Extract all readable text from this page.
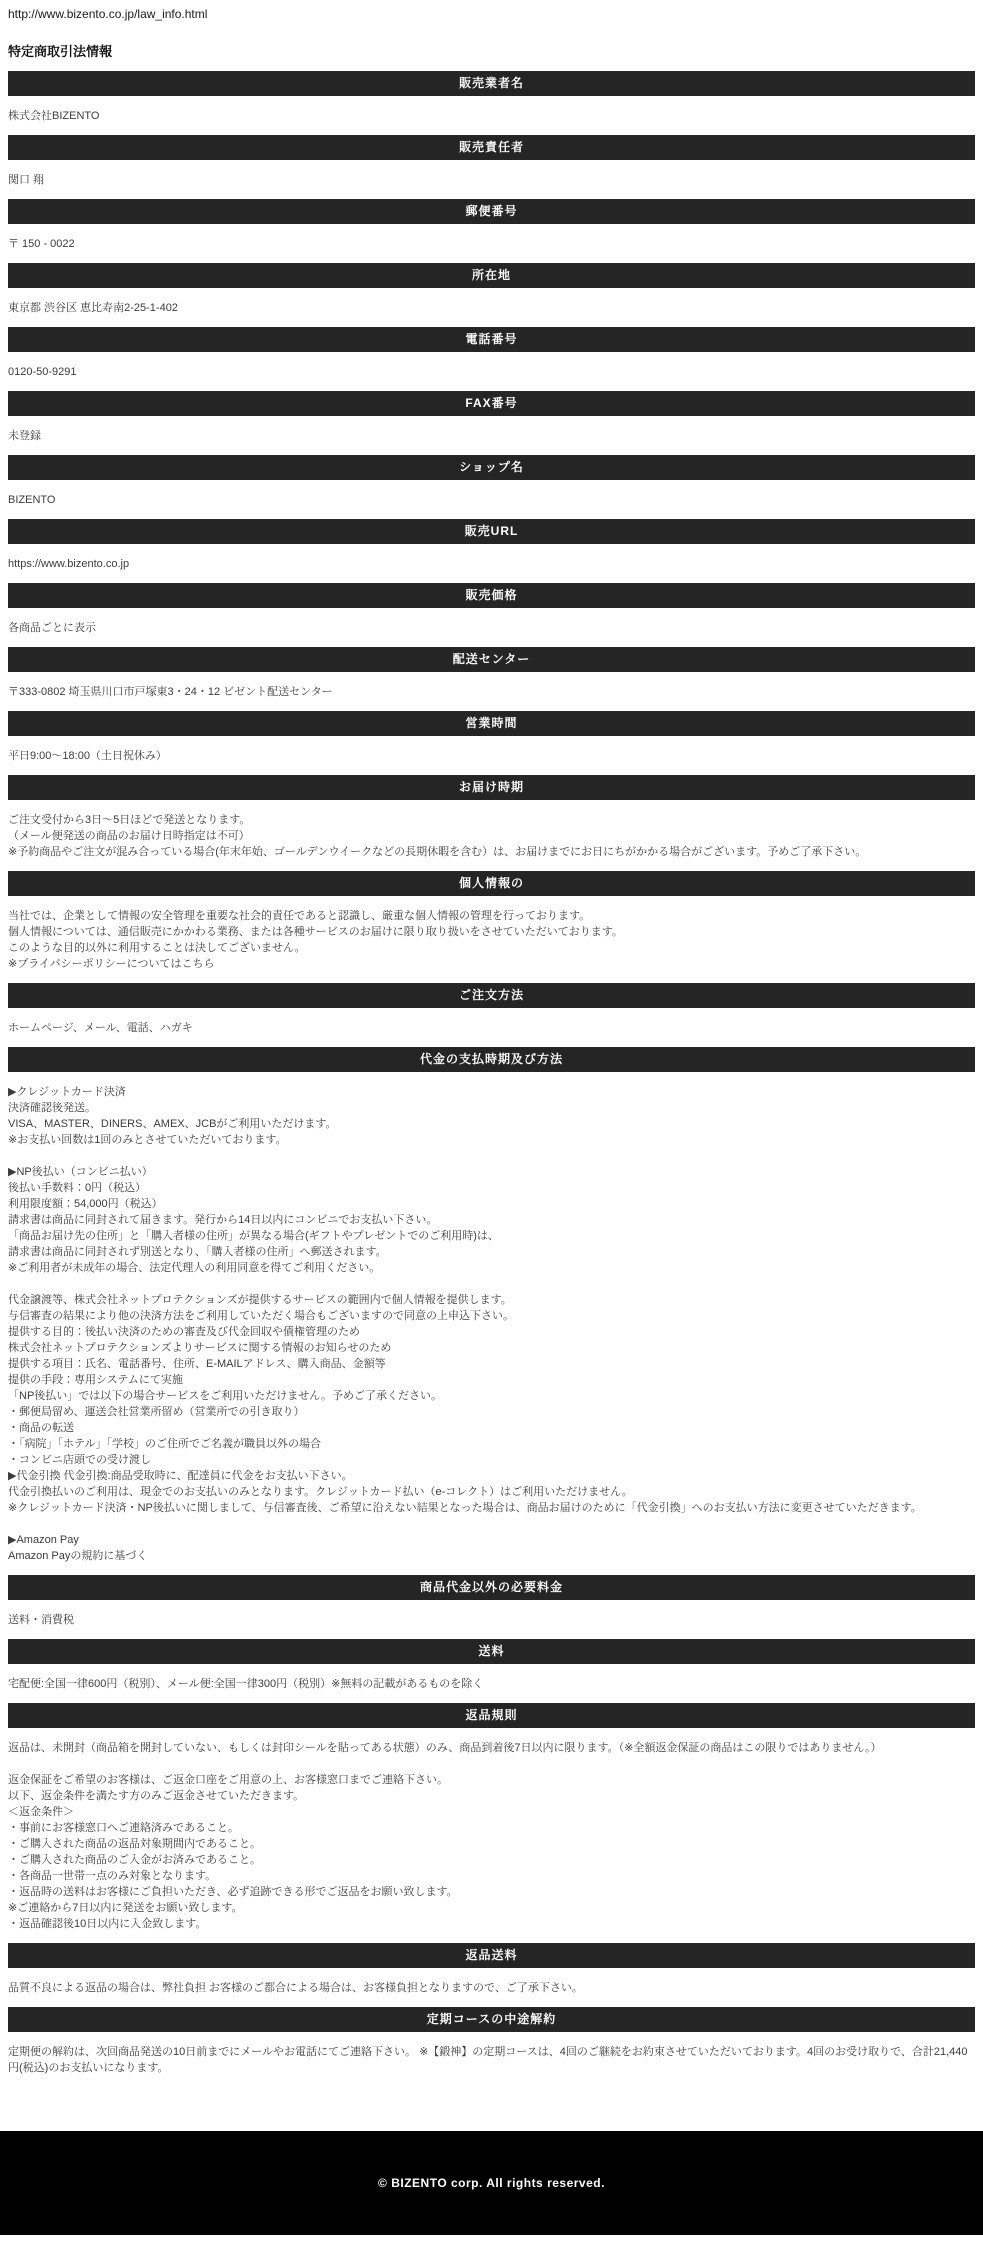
http://www.bizento.co.jp/law_info.html
特定商取引法情報
販売業者名
株式会社BIZENTO
販売責任者
関口 翔
郵便番号
〒 150 - 0022
所在地
東京都 渋谷区 恵比寿南2-25-1-402
電話番号
0120-50-9291
FAX番号
未登録
ショップ名
BIZENTO
販売URL
https://www.bizento.co.jp
販売価格
各商品ごとに表示
配送センター
〒333-0802 埼玉県川口市戸塚東3・24・12 ビゼント配送センター
営業時間
平日9:00〜18:00（土日祝休み）
お届け時期
ご注文受付から3日〜5日ほどで発送となります。
（メール便発送の商品のお届け日時指定は不可）
※予約商品やご注文が混み合っている場合(年末年始、ゴールデンウイークなどの長期休暇を含む）は、お届けまでにお日にちがかかる場合がございます。予めご了承下さい。
個人情報の
当社では、企業として情報の安全管理を重要な社会的責任であると認識し、厳重な個人情報の管理を行っております。
個人情報については、通信販売にかかわる業務、または各種サービスのお届けに限り取り扱いをさせていただいております。
このような目的以外に利用することは決してございません。
※プライバシーポリシーについてはこちら
ご注文方法
ホームページ、メール、電話、ハガキ
代金の支払時期及び方法
▶クレジットカード決済
決済確認後発送。
VISA、MASTER、DINERS、AMEX、JCBがご利用いただけます。
※お支払い回数は1回のみとさせていただいております。
▶NP後払い（コンビニ払い）
後払い手数料：0円（税込）
利用限度額：54,000円（税込）
請求書は商品に同封されて届きます。発行から14日以内にコンビニでお支払い下さい。
「商品お届け先の住所」と「購入者様の住所」が異なる場合(ギフトやプレゼントでのご利用時)は、
請求書は商品に同封されず別送となり、「購入者様の住所」へ郵送されます。
※ご利用者が未成年の場合、法定代理人の利用同意を得てご利用ください。
代金譲渡等、株式会社ネットプロテクションズが提供するサービスの範囲内で個人情報を提供します。
与信審査の結果により他の決済方法をご利用していただく場合もございますので同意の上申込下さい。
提供する目的：後払い決済のための審査及び代金回収や債権管理のため
株式会社ネットプロテクションズよりサービスに関する情報のお知らせのため
提供する項目：氏名、電話番号、住所、E-MAILアドレス、購入商品、金額等
提供の手段：専用システムにて実施
「NP後払い」では以下の場合サービスをご利用いただけません。予めご了承ください。
・郵便局留め、運送会社営業所留め（営業所での引き取り）
・商品の転送
・「病院」「ホテル」「学校」のご住所でご名義が職員以外の場合
・コンビニ店頭での受け渡し
▶代金引換 代金引換:商品受取時に、配達員に代金をお支払い下さい。
代金引換払いのご利用は、現金でのお支払いのみとなります。クレジットカード払い（e-コレクト）はご利用いただけません。
※クレジットカード決済・NP後払いに関しまして、与信審査後、ご希望に沿えない結果となった場合は、商品お届けのために「代金引換」へのお支払い方法に変更させていただきます。
▶Amazon Pay
Amazon Payの規約に基づく
商品代金以外の必要料金
送料・消費税
送料
宅配便:全国一律600円（税別）、メール便:全国一律300円（税別）※無料の記載があるものを除く
返品規則
返品は、未開封（商品箱を開封していない、もしくは封印シールを貼ってある状態）のみ、商品到着後7日以内に限ります。（※全額返金保証の商品はこの限りではありません。）
返金保証をご希望のお客様は、ご返金口座をご用意の上、お客様窓口までご連絡下さい。
以下、返金条件を満たす方のみご返金させていただきます。
＜返金条件＞
・事前にお客様窓口へご連絡済みであること。
・ご購入された商品の返品対象期間内であること。
・ご購入された商品のご入金がお済みであること。
・各商品一世帯一点のみ対象となります。
・返品時の送料はお客様にご負担いただき、必ず追跡できる形でご返品をお願い致します。
※ご連絡から7日以内に発送をお願い致します。
・返品確認後10日以内に入金致します。
返品送料
品質不良による返品の場合は、弊社負担 お客様のご都合による場合は、お客様負担となりますので、ご了承下さい。
定期コースの中途解約
定期便の解約は、次回商品発送の10日前までにメールやお電話にてご連絡下さい。 ※【鍛神】の定期コースは、4回のご継続をお約束させていただいております。4回のお受け取りで、合計21,440円(税込)のお支払いになります。
© BIZENTO corp. All rights reserved.
